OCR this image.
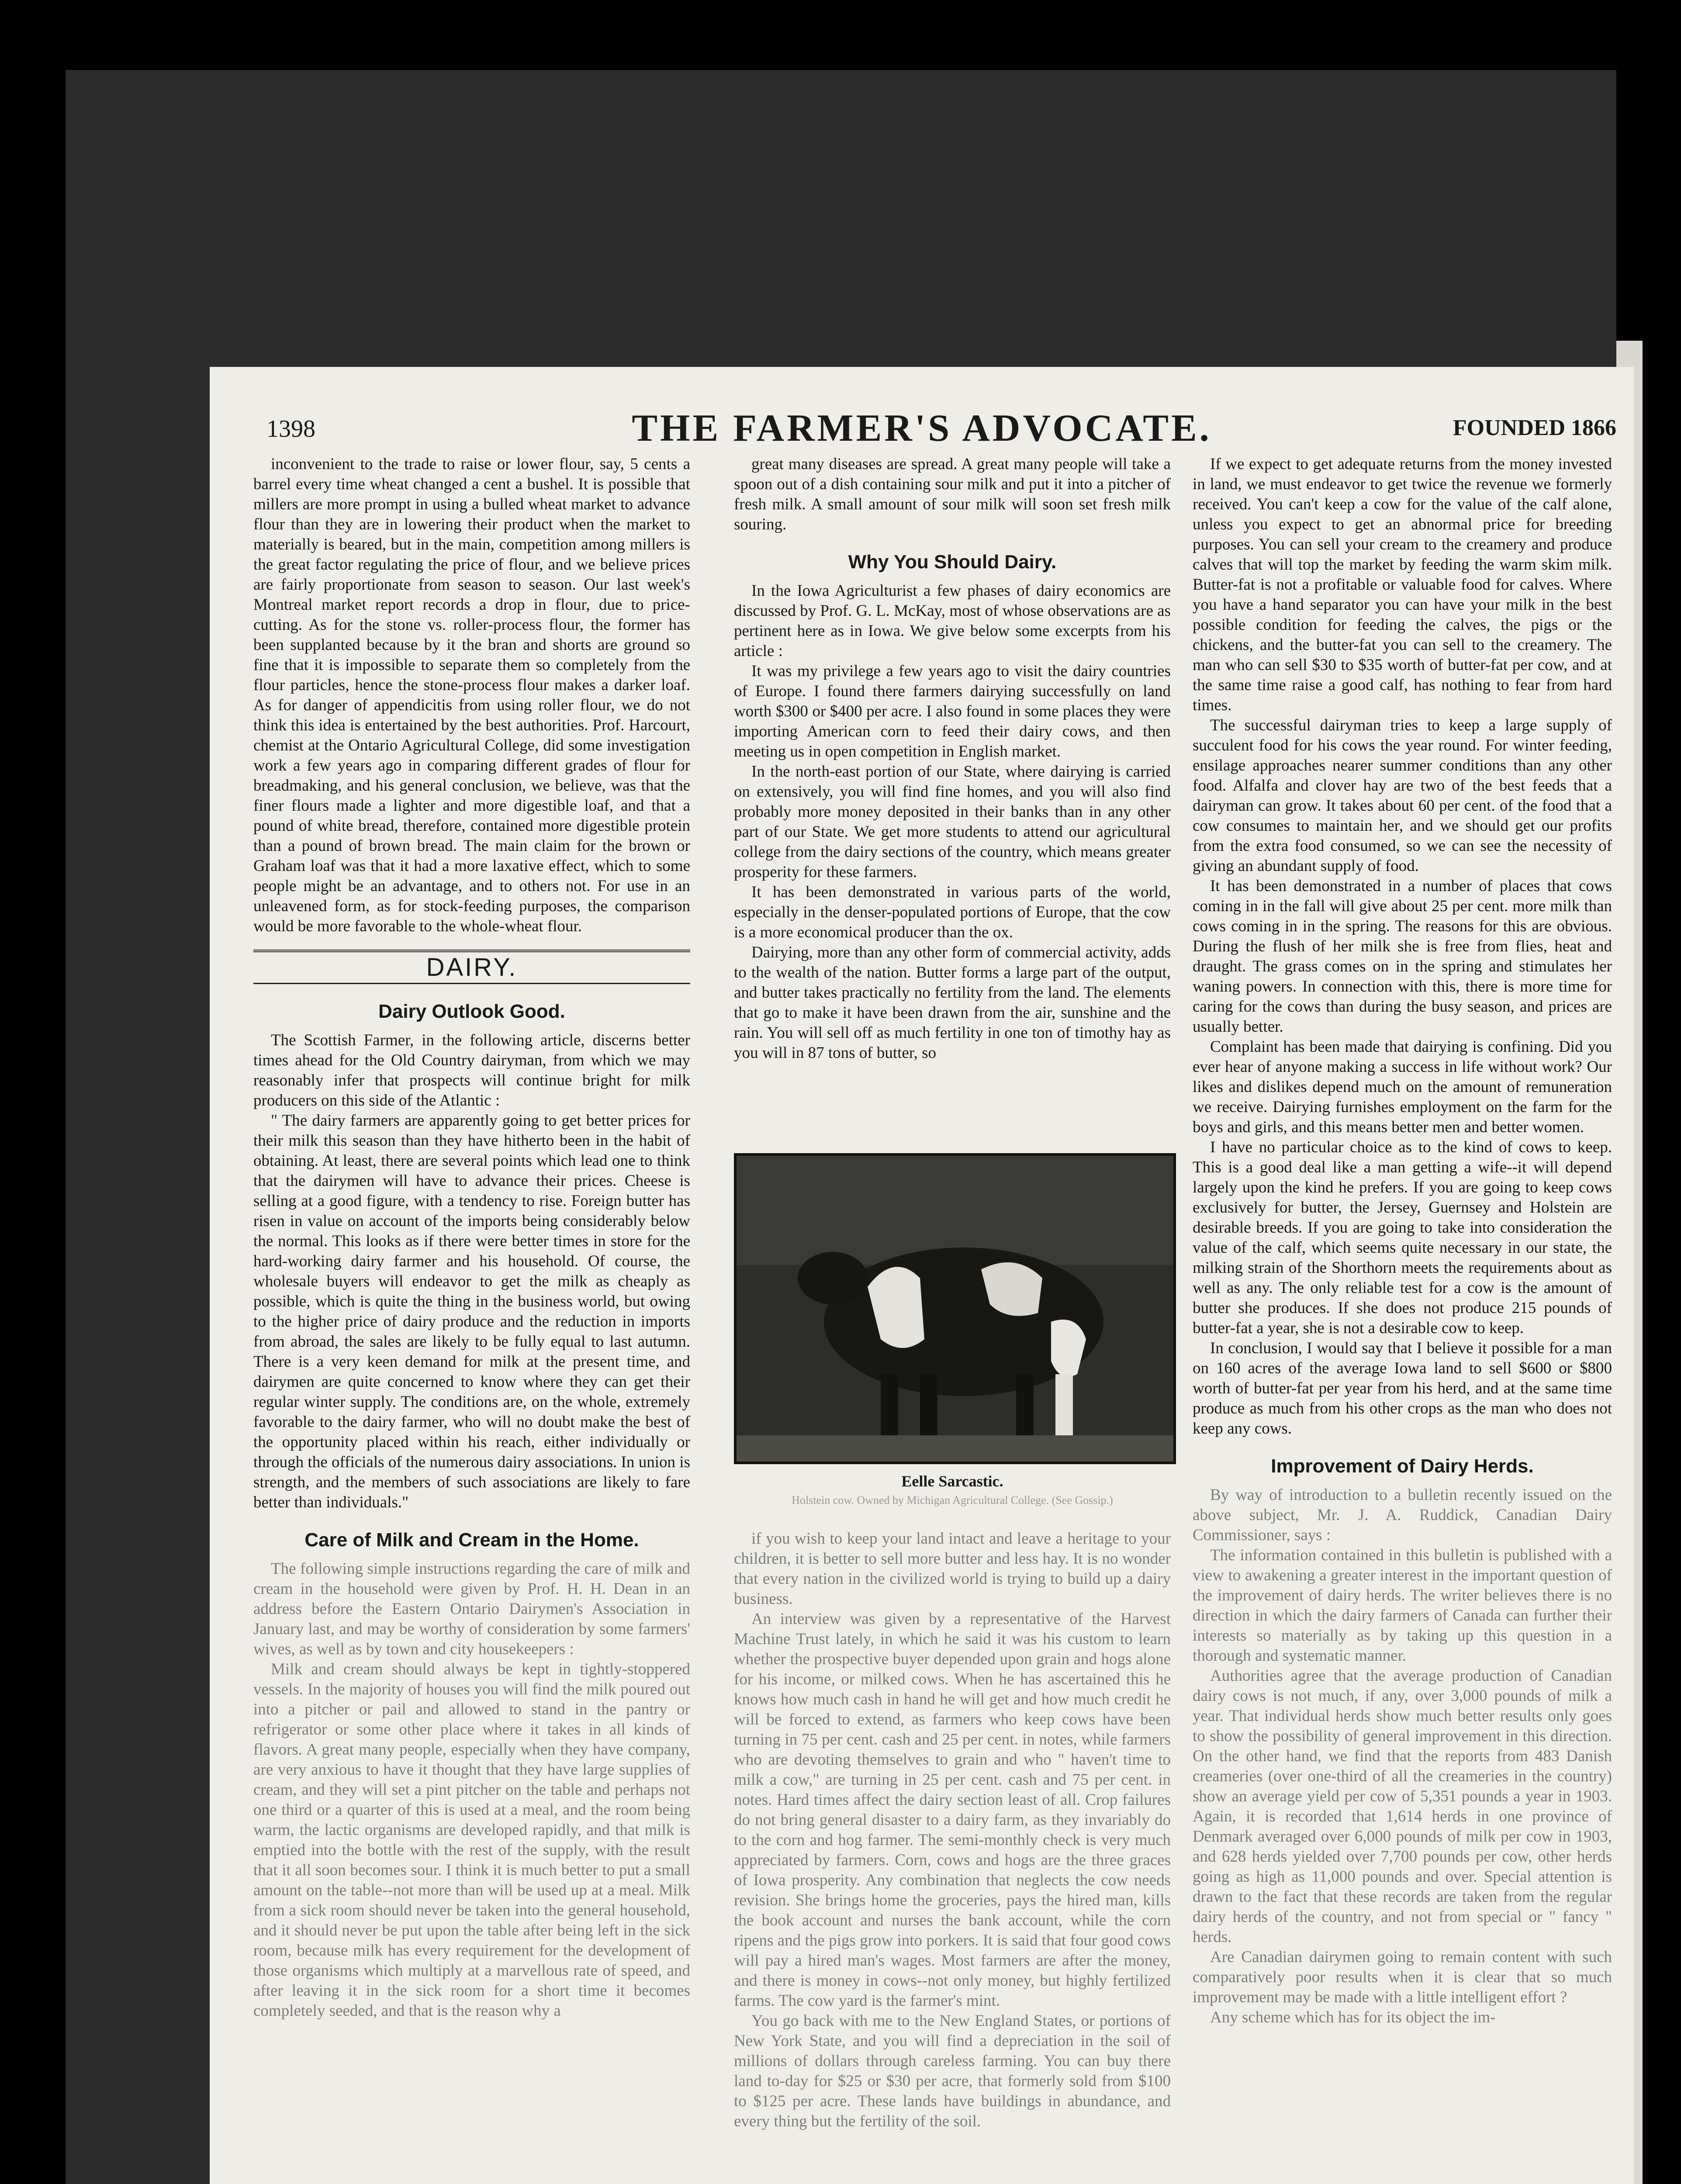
1398	THE FARMER'S ADVOCATE.	FOUNDED 1866

inconvenient to the trade to raise or lower flour, say, 5 cents a barrel every time wheat changed a cent a bushel. It is possible that millers are more prompt in using a bulled wheat market to advance flour than they are in lowering their product when the market to materially is beared, but in the main, competition among millers is the great factor regulating the price of flour, and we believe prices are fairly proportionate from season to season. Our last week's Montreal market report records a drop in flour, due to price-cutting. As for the stone vs. roller-process flour, the former has been supplanted because by it the bran and shorts are ground so fine that it is impossible to separate them so completely from the flour particles, hence the stone-process flour makes a darker loaf. As for danger of appendicitis from using roller flour, we do not think this idea is entertained by the best authorities. Prof. Harcourt, chemist at the Ontario Agricultural College, did some investigation work a few years ago in comparing different grades of flour for breadmaking, and his general conclusion, we believe, was that the finer flours made a lighter and more digestible loaf, and that a pound of white bread, therefore, contained more digestible protein than a pound of brown bread. The main claim for the brown or Graham loaf was that it had a more laxative effect, which to some people might be an advantage, and to others not. For use in an unleavened form, as for stock-feeding purposes, the comparison would be more favorable to the whole-wheat flour.

DAIRY.
Dairy Outlook Good.

The Scottish Farmer, in the following article, discerns better times ahead for the Old Country dairyman, from which we may reasonably infer that prospects will continue bright for milk producers on this side of the Atlantic :

" The dairy farmers are apparently going to get better prices for their milk this season than they have hitherto been in the habit of obtaining. At least, there are several points which lead one to think that the dairymen will have to advance their prices. Cheese is selling at a good figure, with a tendency to rise. Foreign butter has risen in value on account of the imports being considerably below the normal. This looks as if there were better times in store for the hard-working dairy farmer and his household. Of course, the wholesale buyers will endeavor to get the milk as cheaply as possible, which is quite the thing in the business world, but owing to the higher price of dairy produce and the reduction in imports from abroad, the sales are likely to be fully equal to last autumn. There is a very keen demand for milk at the present time, and dairymen are quite concerned to know where they can get their regular winter supply. The conditions are, on the whole, extremely favorable to the dairy farmer, who will no doubt make the best of the opportunity placed within his reach, either individually or through the officials of the numerous dairy associations. In union is strength, and the members of such associations are likely to fare better than individuals."

Care of Milk and Cream in the Home.

The following simple instructions regarding the care of milk and cream in the household were given by Prof. H. H. Dean in an address before the Eastern Ontario Dairymen's Association in January last, and may be worthy of consideration by some farmers' wives, as well as by town and city housekeepers :

Milk and cream should always be kept in tightly-stoppered vessels. In the majority of houses you will find the milk poured out into a pitcher or pail and allowed to stand in the pantry or refrigerator or some other place where it takes in all kinds of flavors. A great many people, especially when they have company, are very anxious to have it thought that they have large supplies of cream, and they will set a pint pitcher on the table and perhaps not one third or a quarter of this is used at a meal, and the room being warm, the lactic organisms are developed rapidly, and that milk is emptied into the bottle with the rest of the supply, with the result that it all soon becomes sour. I think it is much better to put a small amount on the table--not more than will be used up at a meal. Milk from a sick room should never be taken into the general household, and it should never be put upon the table after being left in the sick room, because milk has every requirement for the development of those organisms which multiply at a marvellous rate of speed, and after leaving it in the sick room for a short time it becomes completely seeded, and that is the reason why a

great many diseases are spread. A great many people will take a spoon out of a dish containing sour milk and put it into a pitcher of fresh milk. A small amount of sour milk will soon set fresh milk souring.

Why You Should Dairy.

In the Iowa Agriculturist a few phases of dairy economics are discussed by Prof. G. L. McKay, most of whose observations are as pertinent here as in Iowa. We give below some excerpts from his article :

It was my privilege a few years ago to visit the dairy countries of Europe. I found there farmers dairying successfully on land worth $300 or $400 per acre. I also found in some places they were importing American corn to feed their dairy cows, and then meeting us in open competition in English market.

In the north-east portion of our State, where dairying is carried on extensively, you will find fine homes, and you will also find probably more money deposited in their banks than in any other part of our State. We get more students to attend our agricultural college from the dairy sections of the country, which means greater prosperity for these farmers.

It has been demonstrated in various parts of the world, especially in the denser-populated portions of Europe, that the cow is a more economical producer than the ox.

Dairying, more than any other form of commercial activity, adds to the wealth of the nation. Butter forms a large part of the output, and butter takes practically no fertility from the land. The elements that go to make it have been drawn from the air, sunshine and the rain. You will sell off as much fertility in one ton of timothy hay as you will in 87 tons of butter, so

Eelle Sarcastic.
Holstein cow. Owned by Michigan Agricultural College. (See Gossip.)

if you wish to keep your land intact and leave a heritage to your children, it is better to sell more butter and less hay. It is no wonder that every nation in the civilized world is trying to build up a dairy business.

An interview was given by a representative of the Harvest Machine Trust lately, in which he said it was his custom to learn whether the prospective buyer depended upon grain and hogs alone for his income, or milked cows. When he has ascertained this he knows how much cash in hand he will get and how much credit he will be forced to extend, as farmers who keep cows have been turning in 75 per cent. cash and 25 per cent. in notes, while farmers who are devoting themselves to grain and who " haven't time to milk a cow," are turning in 25 per cent. cash and 75 per cent. in notes. Hard times affect the dairy section least of all. Crop failures do not bring general disaster to a dairy farm, as they invariably do to the corn and hog farmer. The semi-monthly check is very much appreciated by farmers. Corn, cows and hogs are the three graces of Iowa prosperity. Any combination that neglects the cow needs revision. She brings home the groceries, pays the hired man, kills the book account and nurses the bank account, while the corn ripens and the pigs grow into porkers. It is said that four good cows will pay a hired man's wages. Most farmers are after the money, and there is money in cows--not only money, but highly fertilized farms. The cow yard is the farmer's mint.

You go back with me to the New England States, or portions of New York State, and you will find a depreciation in the soil of millions of dollars through careless farming. You can buy there land to-day for $25 or $30 per acre, that formerly sold from $100 to $125 per acre. These lands have buildings in abundance, and every thing but the fertility of the soil.

If we expect to get adequate returns from the money invested in land, we must endeavor to get twice the revenue we formerly received. You can't keep a cow for the value of the calf alone, unless you expect to get an abnormal price for breeding purposes. You can sell your cream to the creamery and produce calves that will top the market by feeding the warm skim milk. Butter-fat is not a profitable or valuable food for calves. Where you have a hand separator you can have your milk in the best possible condition for feeding the calves, the pigs or the chickens, and the butter-fat you can sell to the creamery. The man who can sell $30 to $35 worth of butter-fat per cow, and at the same time raise a good calf, has nothing to fear from hard times.

The successful dairyman tries to keep a large supply of succulent food for his cows the year round. For winter feeding, ensilage approaches nearer summer conditions than any other food. Alfalfa and clover hay are two of the best feeds that a dairyman can grow. It takes about 60 per cent. of the food that a cow consumes to maintain her, and we should get our profits from the extra food consumed, so we can see the necessity of giving an abundant supply of food.

It has been demonstrated in a number of places that cows coming in in the fall will give about 25 per cent. more milk than cows coming in in the spring. The reasons for this are obvious. During the flush of her milk she is free from flies, heat and draught. The grass comes on in the spring and stimulates her waning powers. In connection with this, there is more time for caring for the cows than during the busy season, and prices are usually better.

Complaint has been made that dairying is confining. Did you ever hear of anyone making a success in life without work? Our likes and dislikes depend much on the amount of remuneration we receive. Dairying furnishes employment on the farm for the boys and girls, and this means better men and better women.

I have no particular choice as to the kind of cows to keep. This is a good deal like a man getting a wife--it will depend largely upon the kind he prefers. If you are going to keep cows exclusively for butter, the Jersey, Guernsey and Holstein are desirable breeds. If you are going to take into consideration the value of the calf, which seems quite necessary in our state, the milking strain of the Shorthorn meets the requirements about as well as any. The only reliable test for a cow is the amount of butter she produces. If she does not produce 215 pounds of butter-fat a year, she is not a desirable cow to keep.

In conclusion, I would say that I believe it possible for a man on 160 acres of the average Iowa land to sell $600 or $800 worth of butter-fat per year from his herd, and at the same time produce as much from his other crops as the man who does not keep any cows.

Improvement of Dairy Herds.

By way of introduction to a bulletin recently issued on the above subject, Mr. J. A. Ruddick, Canadian Dairy Commissioner, says :

The information contained in this bulletin is published with a view to awakening a greater interest in the important question of the improvement of dairy herds. The writer believes there is no direction in which the dairy farmers of Canada can further their interests so materially as by taking up this question in a thorough and systematic manner.

Authorities agree that the average production of Canadian dairy cows is not much, if any, over 3,000 pounds of milk a year. That individual herds show much better results only goes to show the possibility of general improvement in this direction. On the other hand, we find that the reports from 483 Danish creameries (over one-third of all the creameries in the country) show an average yield per cow of 5,351 pounds a year in 1903. Again, it is recorded that 1,614 herds in one province of Denmark averaged over 6,000 pounds of milk per cow in 1903, and 628 herds yielded over 7,700 pounds per cow, other herds going as high as 11,000 pounds and over. Special attention is drawn to the fact that these records are taken from the regular dairy herds of the country, and not from special or " fancy " herds.

Are Canadian dairymen going to remain content with such comparatively poor results when it is clear that so much improvement may be made with a little intelligent effort ?

Any scheme which has for its object the im-
